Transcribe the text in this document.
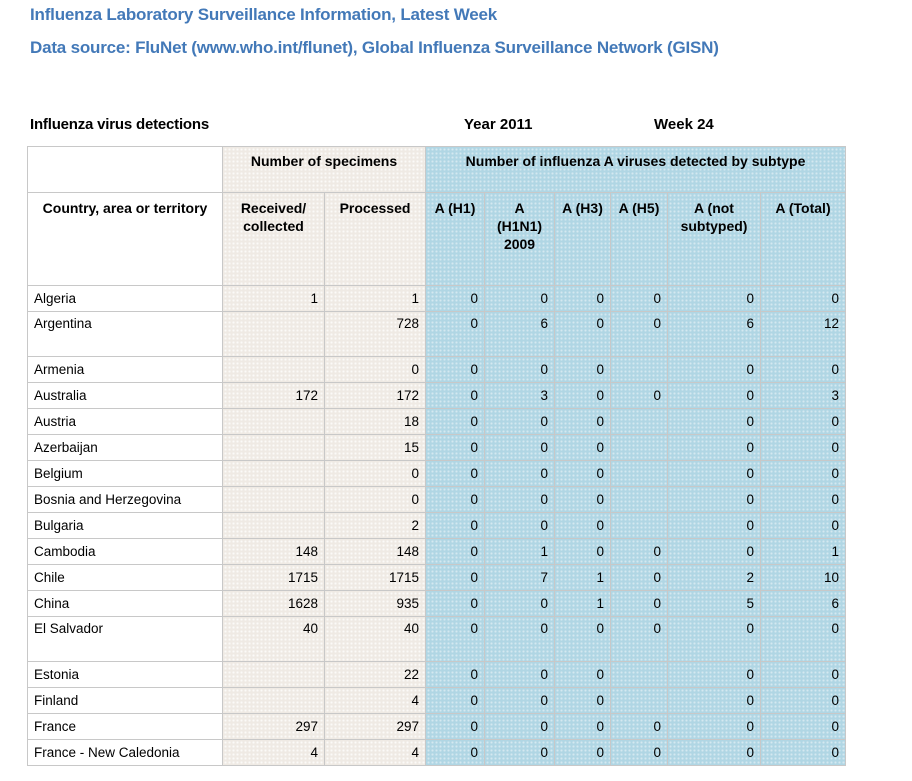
Influenza Laboratory Surveillance Information, Latest Week
Data source: FluNet (www.who.int/flunet), Global Influenza Surveillance Network (GISN)
Influenza virus detections	Year 2011	Week 24
	Number of specimens		Number of influenza A viruses detected by subtype					
Country, area or territory	Received/ collected	Processed	A (H1)	A (H1N1) 2009	A (H3)	A (H5)	A (not subtyped)	A (Total)
Algeria	1	1	0	0	0	0	0	0
Argentina		728	0	6	0	0	6	12
Armenia		0	0	0	0		0	0
Australia	172	172	0	3	0	0	0	3
Austria		18	0	0	0		0	0
Azerbaijan		15	0	0	0		0	0
Belgium		0	0	0	0		0	0
Bosnia and Herzegovina		0	0	0	0		0	0
Bulgaria		2	0	0	0		0	0
Cambodia	148	148	0	1	0	0	0	1
Chile	1715	1715	0	7	1	0	2	10
China	1628	935	0	0	1	0	5	6
El Salvador	40	40	0	0	0	0	0	0
Estonia		22	0	0	0		0	0
Finland		4	0	0	0		0	0
France	297	297	0	0	0	0	0	0
France - New Caledonia	4	4	0	0	0	0	0	0
